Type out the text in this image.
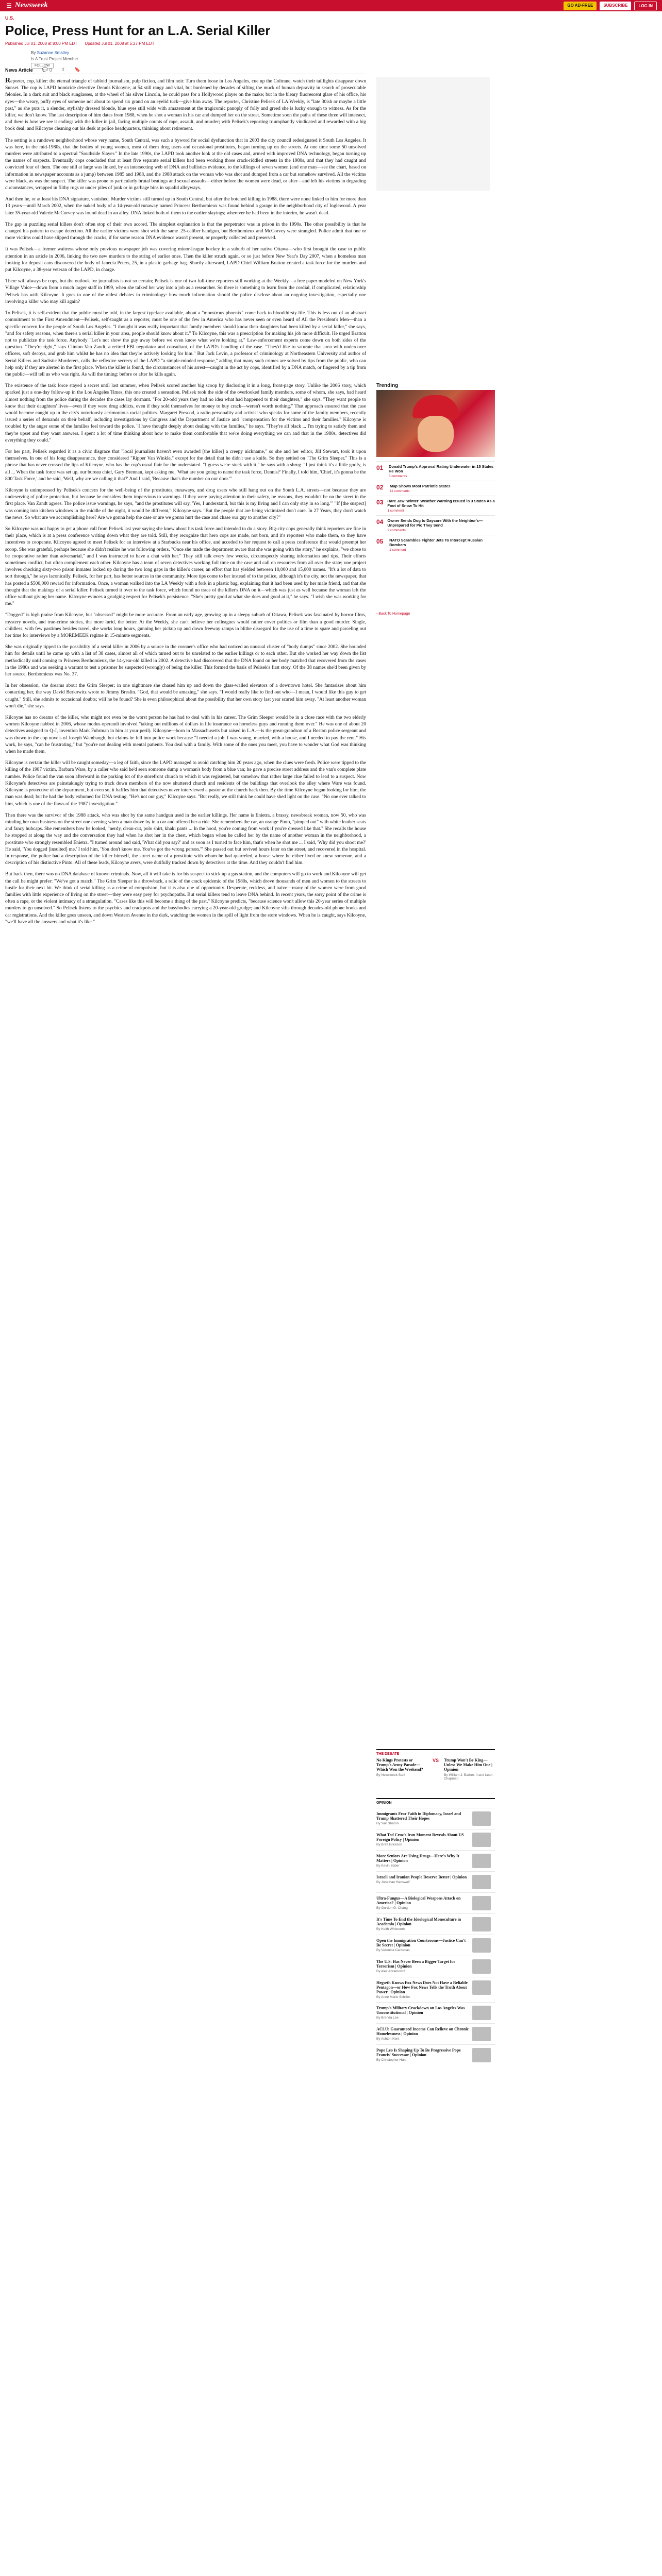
☰ Newsweek	GO AD-FREE	SUBSCRIBE	LOG IN
U.S.
Police, Press Hunt for an L.A. Serial Killer
Published Jul 01, 2008 at 8:00 PM EDT Updated Jul 01, 2008 at 5:27 PM EDT
By Suzanne Smalley
Is A Trust Project Member
FOLLOW
News Article 💬 0 ⇪ 🔖

Reporter, cop, killer: the eternal triangle of tabloid journalism, pulp fiction, and film noir. Turn them loose in Los Angeles, cue up the Coltrane, watch their taillights disappear down Sunset. The cop is LAPD homicide detective Dennis Kilcoyne, at 54 still rangy and vital, but burdened by decades of sifting the muck of human depravity in search of prosecutable felonies. In a dark suit and black sunglasses, at the wheel of his silver Lincoln, he could pass for a Hollywood player on the make; but in the bleary fluorescent glare of his office, his eyes—the weary, puffy eyes of someone not about to spend six grand on an eyelid tuck—give him away. The reporter, Christine Pelisek of LA Weekly, is "late 30ish or maybe a little past," as she puts it, a slender, stylishly dressed blonde, blue eyes still wide with amazement at the tragicomic panoply of folly and greed she is lucky enough to witness. As for the killer, we don't know. The last description of him dates from 1988, when he shot a woman in his car and dumped her on the street. Sometime soon the paths of these three will intersect, and there is how we see it ending: with the killer in jail, facing multiple counts of rape, assault, and murder; with Pelisek's reporting triumphantly vindicated and rewarded with a big book deal; and Kilcoyne cleaning out his desk at police headquarters, thinking about retirement.

The setting is a rundown neighborhood whose very name, South Central, was such a byword for social dysfunction that in 2003 the city council redesignated it South Los Angeles. It was here, in the mid-1980s, that the bodies of young women, most of them drug users and occasional prostitutes, began turning up on the streets. At one time some 50 unsolved murders were attributed to a spectral "Southside Slayer." In the late 1990s, the LAPD took another look at the old cases and, armed with improved DNA technology, began turning up the names of suspects. Eventually cops concluded that at least five separate serial killers had been working those crack-riddled streets in the 1980s, and that they had caught and convicted four of them. The one still at large was linked, by an intersecting web of DNA and ballistics evidence, to the killings of seven women (and one man—see the chart, based on information in newspaper accounts as a jump) between 1985 and 1988, and the 1988 attack on the woman who was shot and dumped from a car but somehow survived. All the victims were black, as was the suspect. The killer was prone to particularly brutal beatings and sexual assaults—either before the women were dead, or after—and left his victims in degrading circumstances, wrapped in filthy rugs or under piles of junk or in garbage bins in squalid alleyways.

And then he, or at least his DNA signature, vanished. Murder victims still turned up in South Central, but after the botched killing in 1988, there were none linked to him for more than 13 years—until March 2002, when the naked body of a 14-year-old runaway named Princess Berthomieux was found behind a garage in the neighborhood city of Inglewood. A year later 35-year-old Valerie McCorvey was found dead in an alley. DNA linked both of them to the earlier slayings; wherever he had been in the interim, he wasn't dead.

The gap in puzzling serial killers don't often stop of their own accord. The simplest explanation is that the perpetrator was in prison in the 1990s. The other possibility is that he changed his pattern to escape detection. All the earlier victims were shot with the same .25-caliber handgun, but Berthomieux and McCorvey were strangled. Police admit that one or more victims could have slipped through the cracks, if for some reason DNA evidence wasn't present, or properly collected and preserved.

It was Pelisek—a former waitress whose only previous newspaper job was covering minor-league hockey in a suburb of her native Ottawa—who first brought the case to public attention in an article in 2006, linking the two new murders to the string of earlier ones. Then the killer struck again, or so just before New Year's Day 2007, when a homeless man looking for deposit cans discovered the body of Janecia Peters, 25, in a plastic garbage bag. Shortly afterward, LAPD Chief William Bratton created a task force for the murders and put Kilcoyne, a 38-year veteran of the LAPD, in charge.

There will always be cops, but the outlook for journalists is not so certain; Pelisek is one of two full-time reporters still working at the Weekly—a free paper modeled on New York's Village Voice—down from a much larger staff in 1999, when she talked her way into a job as a researcher. So there is something to learn from the cordial, if complicated, relationship Pelisek has with Kilcoyne. It goes to one of the oldest debates in criminology: how much information should the police disclose about an ongoing investigation, especially one involving a killer who may kill again?

To Pelisek, it is self-evident that the public must be told, in the largest typeface available, about a "monstrous phoenix" come back to bloodthirsty life. This is less out of an abstract commitment to the First Amendment—Pelisek, self-taught as a reporter, must be one of the few in America who has never seen or even heard of All the President's Men—than a specific concern for the people of South Los Angeles. "I thought it was really important that family members should know their daughters had been killed by a serial killer," she says, "and for safety reasons, when there's a serial killer in your area, people should know about it." To Kilcoyne, this was a prescription for making his job more difficult. He urged Bratton not to publicize the task force. Anybody "Let's not show the guy away before we even know what we're looking at." Law-enforcement experts come down on both sides of the question. "They're right," says Clinton Van Zandt, a retired FBI negotiator and consultant, of the LAPD's handling of the case. "They'd like to saturate that area with undercover officers, soft decoys, and grab him whilst he has no idea that they're actively looking for him." But Jack Levin, a professor of criminology at Northeastern University and author of Serial Killers and Sadistic Murderers, calls the reflexive secrecy of the LAPD "a simple-minded response," adding that many such crimes are solved by tips from the public, who can help only if they are alerted in the first place. When the killer is found, the circumstances of his arrest—caught in the act by cops, identified by a DNA match, or fingered by a tip from the public—will tell us who was right. As will the timing: before or after he kills again.

The existence of the task force stayed a secret until last summer, when Pelisek scored another big scoop by disclosing it in a long, front-page story. Unlike the 2006 story, which sparked just a one-day follow-up in the Los Angeles Times, this one created a sensation. Pelisek took the side of the overlooked family members, some of whom, she says, had heard almost nothing from the police during the decades the cases lay dormant. "For 20-odd years they had no idea what had happened to their daughters," she says. "They want people to know that their daughters' lives—even if they were drug addicts, even if they sold themselves for money to buy crack—weren't worth nothing." That approach ensured that the case would become caught up in the city's notoriously acrimonious racial politics. Margaret Prescod, a radio personality and activist who speaks for some of the family members, recently issued a series of demands on their behalf, including investigations by Congress and the Department of Justice and "compensation for the victims and their families." Kilcoyne is troubled by the anger some of the families feel toward the police. "I have thought deeply about dealing with the families," he says. "They're all black ... I'm trying to satisfy them and they're upset and they want answers. I spent a lot of time thinking about how to make them comfortable that we're doing everything we can and that in the 1980s, detectives did everything they could."

For her part, Pelisek regarded it as a civic disgrace that "local journalists haven't even awarded [the killer] a creepy nickname," so she and her editor, Jill Stewart, took it upon themselves. In one of his long disappearance, they considered "Ripper Van Winkle," except for the detail that he didn't use a knife. So they settled on "The Grim Sleeper." This is a phrase that has never crossed the lips of Kilcoyne, who has the cop's usual flair for the understated. "I guess we're stuck with it," he says with a shrug. "I just think it's a little goofy, is all ... When the task force was set up, our bureau chief, Gary Brennan, kept asking me, 'What are you going to name the task force, Dennis?' Finally, I told him, 'Chief, it's gonna be the 800 Task Force,' and he said, 'Well, why are we calling it that?' And I said, 'Because that's the number on our door.'"

Kilcoyne is unimpressed by Pelisek's concern for the well-being of the prostitutes, runaways, and drug users who still hang out on the South L.A. streets—not because they are undeserving of police protection, but because he considers them impervious to warnings. If they were paying attention to their safety, he reasons, they wouldn't be on the street in the first place. Van Zandt agrees. The police issue warnings, he says, "and the prostitutes will say, 'Yes, I understand, but this is my living and I can only stay in so long.'" "If [the suspect] was coming into kitchen windows in the middle of the night, it would be different," Kilcoyne says. "But the people that are being victimized don't care. In 27 Years, they don't watch the news. So what are we accomplishing here? Are we gonna help the case or are we gonna hurt the case and chase our guy to another city?"

So Kilcoyne was not happy to get a phone call from Pelisek last year saying she knew about his task force and intended to do a story. Big-city cops generally think reporters are fine in their place, which is at a press conference writing down what they are told. Still, they recognize that hero cops are made, not born, and it's reporters who make them, so they have incentives to cooperate. Kilcoyne agreed to meet Pelisek for an interview at a Starbucks near his office, and acceded to her request to call a press conference that would preempt her scoop. She was grateful, perhaps because she didn't realize he was following orders. "Once she made the department aware that she was going with the story," he explains, "we chose to be cooperative rather than adversarial," and I was instructed to have a chat with her." They still talk every few weeks, circumspectly sharing information and tips. Their efforts sometimes conflict, but often complement each other. Kilcoyne has a team of seven detectives working full time on the case and call on resources from all over the state; one project involves checking sixty-two prison inmates locked up during the two long gaps in the killer's career, an effort that has yielded between 10,000 and 15,000 names. "It's a lot of data to sort through," he says laconically. Pelisek, for her part, has better sources in the community. More tips come to her instead of to the police, although it's the city, not the newspaper, that has posted a $500,000 reward for information. Once, a woman walked into the LA Weekly with a fork in a plastic bag, explaining that it had been used by her male friend, and that she thought that the makings of a serial killer. Pelisek turned it over to the task force, which found no trace of the killer's DNA on it—which was just as well because the woman left the office without giving her name. Kilcoyne evinces a grudging respect for Pelisek's persistence. "She's pretty good at what she does and good at it," he says. "I wish she was working for me."

"Dogged" is high praise from Kilcoyne, but "obsessed" might be more accurate. From an early age, growing up in a sleepy suburb of Ottawa, Pelisek was fascinated by horror films, mystery novels, and true-crime stories, the more lurid, the better. At the Weekly, she can't believe her colleagues would rather cover politics or film than a good murder. Single, childless, with few pastimes besides travel, she works long hours, gunning her pickup up and down freeway ramps in blithe disregard for the use of a time to spare and parceling out her time for interviews by a MOREMEEK regime in 15-minute segments.

She was originally tipped to the possibility of a serial killer in 2006 by a source in the coroner's office who had noticed an unusual cluster of "body dumps" since 2002. She hounded him for details until he came up with a list of 38 cases, almost all of which turned out to be unrelated to the earlier killings or to each other. But she worked her way down the list methodically until coming to Princess Berthomieux, the 14-year-old killed in 2002. A detective had discovered that the DNA found on her body matched that recovered from the cases in the 1980s and was seeking a warrant to test a prisoner he suspected (wrongly) of being the killer. This formed the basis of Pelisek's first story. Of the 38 names she'd been given by her source, Berthomieux was No. 37.

In her obsession, she dreams about the Grim Sleeper; in one nightmare she chased him up and down the glass-walled elevators of a downtown hotel. She fantasizes about him contacting her, the way David Berkowitz wrote to Jimmy Breslin. "God, that would be amazing," she says. "I would really like to find out who—I mean, I would like this guy to get caught." Still, she admits to occasional doubts; will he be found? She is even philosophical about the possibility that her own story last year scared him away. "At least another woman won't die," she says.

Kilcoyne has no dreams of the killer, who might not even be the worst person he has had to deal with in his career. The Grim Sleeper would be in a close race with the two elderly women Kilcoyne nabbed in 2006, whose modus operandi involved "taking out millions of dollars in life insurance on homeless guys and running them over." He was one of about 20 detectives assigned to Q-J, invention Mark Fuhrman in him at your peril). Kilcoyne—born in Massachusetts but raised in L.A.—is the great-grandson of a Boston police sergeant and was drawn to the cop novels of Joseph Wambaugh, but claims he fell into police work because "I needed a job. I was young, married, with a house, and I needed to pay the rent." His work, he says, "can be frustrating," but "you're not dealing with mental patients. You deal with a family. With some of the ones you meet, you have to wonder what God was thinking when he made them.

Kilcoyne is certain the killer will be caught someday—a leg of faith, since the LAPD managed to avoid catching him 20 years ago, when the clues were fresh. Police were tipped to the killing of the 1987 victim, Barbara Ware, by a caller who said he'd seen someone dump a woman's body from a blue van; he gave a precise street address and the van's complete plate number. Police found the van soon afterward in the parking lot of the storefront church to which it was registered, but somehow that rather large clue failed to lead to a suspect. Now Kilcoyne's detectives are painstakingly trying to track down members of the now shuttered church and residents of the buildings that overlook the alley where Ware was found. Kilcoyne is protective of the department, but even so, it baffles him that detectives never interviewed a pastor at the church back then. By the time Kilcoyne began looking for him, the man was dead; but he had the body exhumed for DNA testing. "He's not our guy," Kilcoyne says. "But really, we still think he could have shed light on the case. "No one ever talked to him, which is one of the flaws of the 1987 investigation."

Then there was the survivor of the 1988 attack, who was shot by the same handgun used in the earlier killings. Her name is Enietra, a brassy, newsbreak woman, now 50, who was minding her own business on the street one evening when a man drove by in a car and offered her a ride. She remembers the car, an orange Pinto, "pimped out" with white leather seats and fancy hubcaps. She remembers how he looked, "nerdy, clean-cut, polo shirt, khaki pants ... In the hood, you're coming from work if you're dressed like that." She recalls the house he stopped at along the way and the conversation they had when he shot her in the chest, which began when he called her by the name of another woman in the neighborhood, a prostitute who strongly resembled Enietra. "I turned around and said, 'What did you say?' and as soon as I turned to face him, that's when he shot me ... I said, 'Why did you shoot me?' He said, 'You dogged [insulted] me.' I told him, 'You don't know me. You've got the wrong person.'" She passed out but revived hours later on the street, and recovered in the hospital. In response, the police had a description of the killer himself, the street name of a prostitute with whom he had quarreled, a house where he either lived or knew someone, and a description of his distinctive Pinto. All of these leads, Kilcoyne avers, were dutifully tracked down by detectives at the time. And they couldn't find him.

But back then, there was no DNA database of known criminals. Now, all it will take is for his suspect to stick up a gas station, and the computers will go to work and Kilcoyne will get the call he might prefer: "We've got a match." The Grim Sleeper is a throwback, a relic of the crack epidemic of the 1980s, which drove thousands of men and women to the streets to hustle for their next hit. We think of serial killing as a crime of compulsion, but it is also one of opportunity. Desperate, reckless, and naive—many of the women were from good families with little experience of living on the street—they were easy prey for psychopaths. But serial killers tend to leave DNA behind. In recent years, the sorry point of the crime is often a rape, or the violent intimacy of a strangulation. "Cases like this will become a thing of the past," Kilcoyne predicts, "because science won't allow this 20-year series of multiple murders to go unsolved." So Pelisek listens to the psychics and crackpots and the busybodies carrying a 20-year-old grudge; and Kilcoyne sifts through decades-old phone books and car registrations. And the killer goes unseen, and down Western Avenue in the dark, watching the women in the spill of light from the store windows. When he is caught, says Kilcoyne, "we'll have all the answers and what it's like."

Trending
01	Donald Trump's Approval Rating Underwater in 15 States He Won
3 comments
02	Map Shows Most Patriotic States
11 comments
03 Rare Jaw 'Winter' Weather Warning Issued in 3 States As a Foot of Snow To Hit
1 comment
04 Owner Sends Dog to Daycare With the Neighbor's—Unprepared for Pic They Send
2 comments
05	NATO Scrambles Fighter Jets To Intercept Russian Bombers
1 comment
‹ Back To Homepage
THE DEBATE
No Kings Protests or Trump's Army Parade—Which Won the Weekend?
By Newsweek Staff
VS Trump Won't Be King—Unless We Make Him One | Opinion
By William J. Barber, II and Leah Chapman
OPINION
Immigrants Fear Faith in Diplomacy, Israel and Trump Shattered Their Hopes
By Yair Sharon
What Ted Cruz's Iran Moment Reveals About US Foreign Policy | Opinion
By Brett Erickson
More Seniors Are Using Drugs—Here's Why It Matters | Opinion
By Kevin Saber
Israeli and Iranian People Deserve Better | Opinion
By Jonathan Hanswolf
Ultra-Fungus—A Biological Weapons Attack on America? | Opinion
By Gordon G. Chang
It's Time To End the Ideological Monoculture in Academia | Opinion
By Keith Whitcomb
Open the Immigration Courtrooms—Justice Can't Be Secret | Opinion
By Veronica Cardenas
The U.S. Has Never Been a Bigger Target for Terrorism | Opinion
By Alex Abramovitz
Hegseth Knows Fox News Does Not Have a Reliable Pentagon—or How Fox News Tells the Truth About Power | Opinion
By Anne Marie Schiller
Trump's Military Crackdown on Los Angeles Was Unconstitutional | Opinion
By Brenda Lee
ACLU: Guaranteed Income Can Relieve on Chronic Homelessness | Opinion
By Ashton Kent
Pope Leo Is Shaping Up To Be Progressive Pope Francis' Successor | Opinion
By Christopher Hale
